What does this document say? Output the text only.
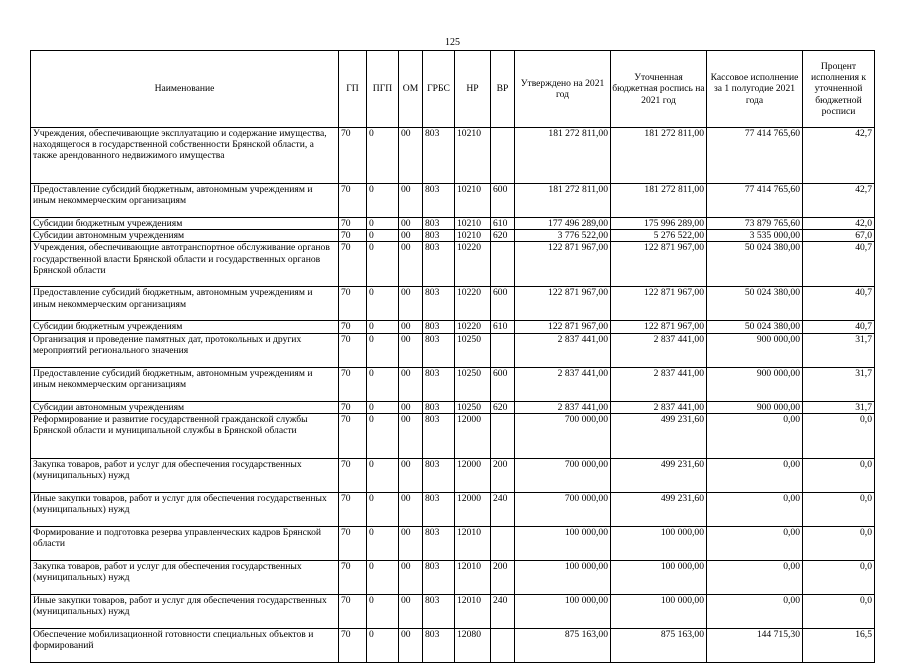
125
Наименование	ГП	ПГП	ОМ	ГРБС	НР	ВР	Утверждено на 2021 год	Уточненная бюджетная роспись на 2021 год	Кассовое исполнение за 1 полугодие 2021 года	Процент исполнения к уточненной бюджетной росписи
Учреждения, обеспечивающие эксплуатацию и содержание имущества, находящегося в государственной собственности Брянской области, а также арендованного недвижимого имущества	70	0	00	803	10210		181 272 811,00	181 272 811,00	77 414 765,60	42,7
Предоставление субсидий бюджетным, автономным учреждениям и иным некоммерческим организациям	70	0	00	803	10210	600	181 272 811,00	181 272 811,00	77 414 765,60	42,7
Субсидии бюджетным учреждениям	70	0	00	803	10210	610	177 496 289,00	175 996 289,00	73 879 765,60	42,0
Субсидии автономным учреждениям	70	0	00	803	10210	620	3 776 522,00	5 276 522,00	3 535 000,00	67,0
Учреждения, обеспечивающие автотранспортное обслуживание органов государственной власти Брянской области и государственных органов Брянской области	70	0	00	803	10220		122 871 967,00	122 871 967,00	50 024 380,00	40,7
Предоставление субсидий бюджетным, автономным учреждениям и иным некоммерческим организациям	70	0	00	803	10220	600	122 871 967,00	122 871 967,00	50 024 380,00	40,7
Субсидии бюджетным учреждениям	70	0	00	803	10220	610	122 871 967,00	122 871 967,00	50 024 380,00	40,7
Организация и проведение памятных дат, протокольных и других мероприятий регионального значения	70	0	00	803	10250		2 837 441,00	2 837 441,00	900 000,00	31,7
Предоставление субсидий бюджетным, автономным учреждениям и иным некоммерческим организациям	70	0	00	803	10250	600	2 837 441,00	2 837 441,00	900 000,00	31,7
Субсидии автономным учреждениям	70	0	00	803	10250	620	2 837 441,00	2 837 441,00	900 000,00	31,7
Реформирование и развитие государственной гражданской службы Брянской области и муниципальной службы в Брянской области	70	0	00	803	12000		700 000,00	499 231,60	0,00	0,0
Закупка товаров, работ и услуг для обеспечения государственных (муниципальных) нужд	70	0	00	803	12000	200	700 000,00	499 231,60	0,00	0,0
Иные закупки товаров, работ и услуг для обеспечения государственных (муниципальных) нужд	70	0	00	803	12000	240	700 000,00	499 231,60	0,00	0,0
Формирование и подготовка резерва управленческих кадров Брянской области	70	0	00	803	12010		100 000,00	100 000,00	0,00	0,0
Закупка товаров, работ и услуг для обеспечения государственных (муниципальных) нужд	70	0	00	803	12010	200	100 000,00	100 000,00	0,00	0,0
Иные закупки товаров, работ и услуг для обеспечения государственных (муниципальных) нужд	70	0	00	803	12010	240	100 000,00	100 000,00	0,00	0,0
Обеспечение мобилизационной готовности специальных объектов и формирований	70	0	00	803	12080		875 163,00	875 163,00	144 715,30	16,5
